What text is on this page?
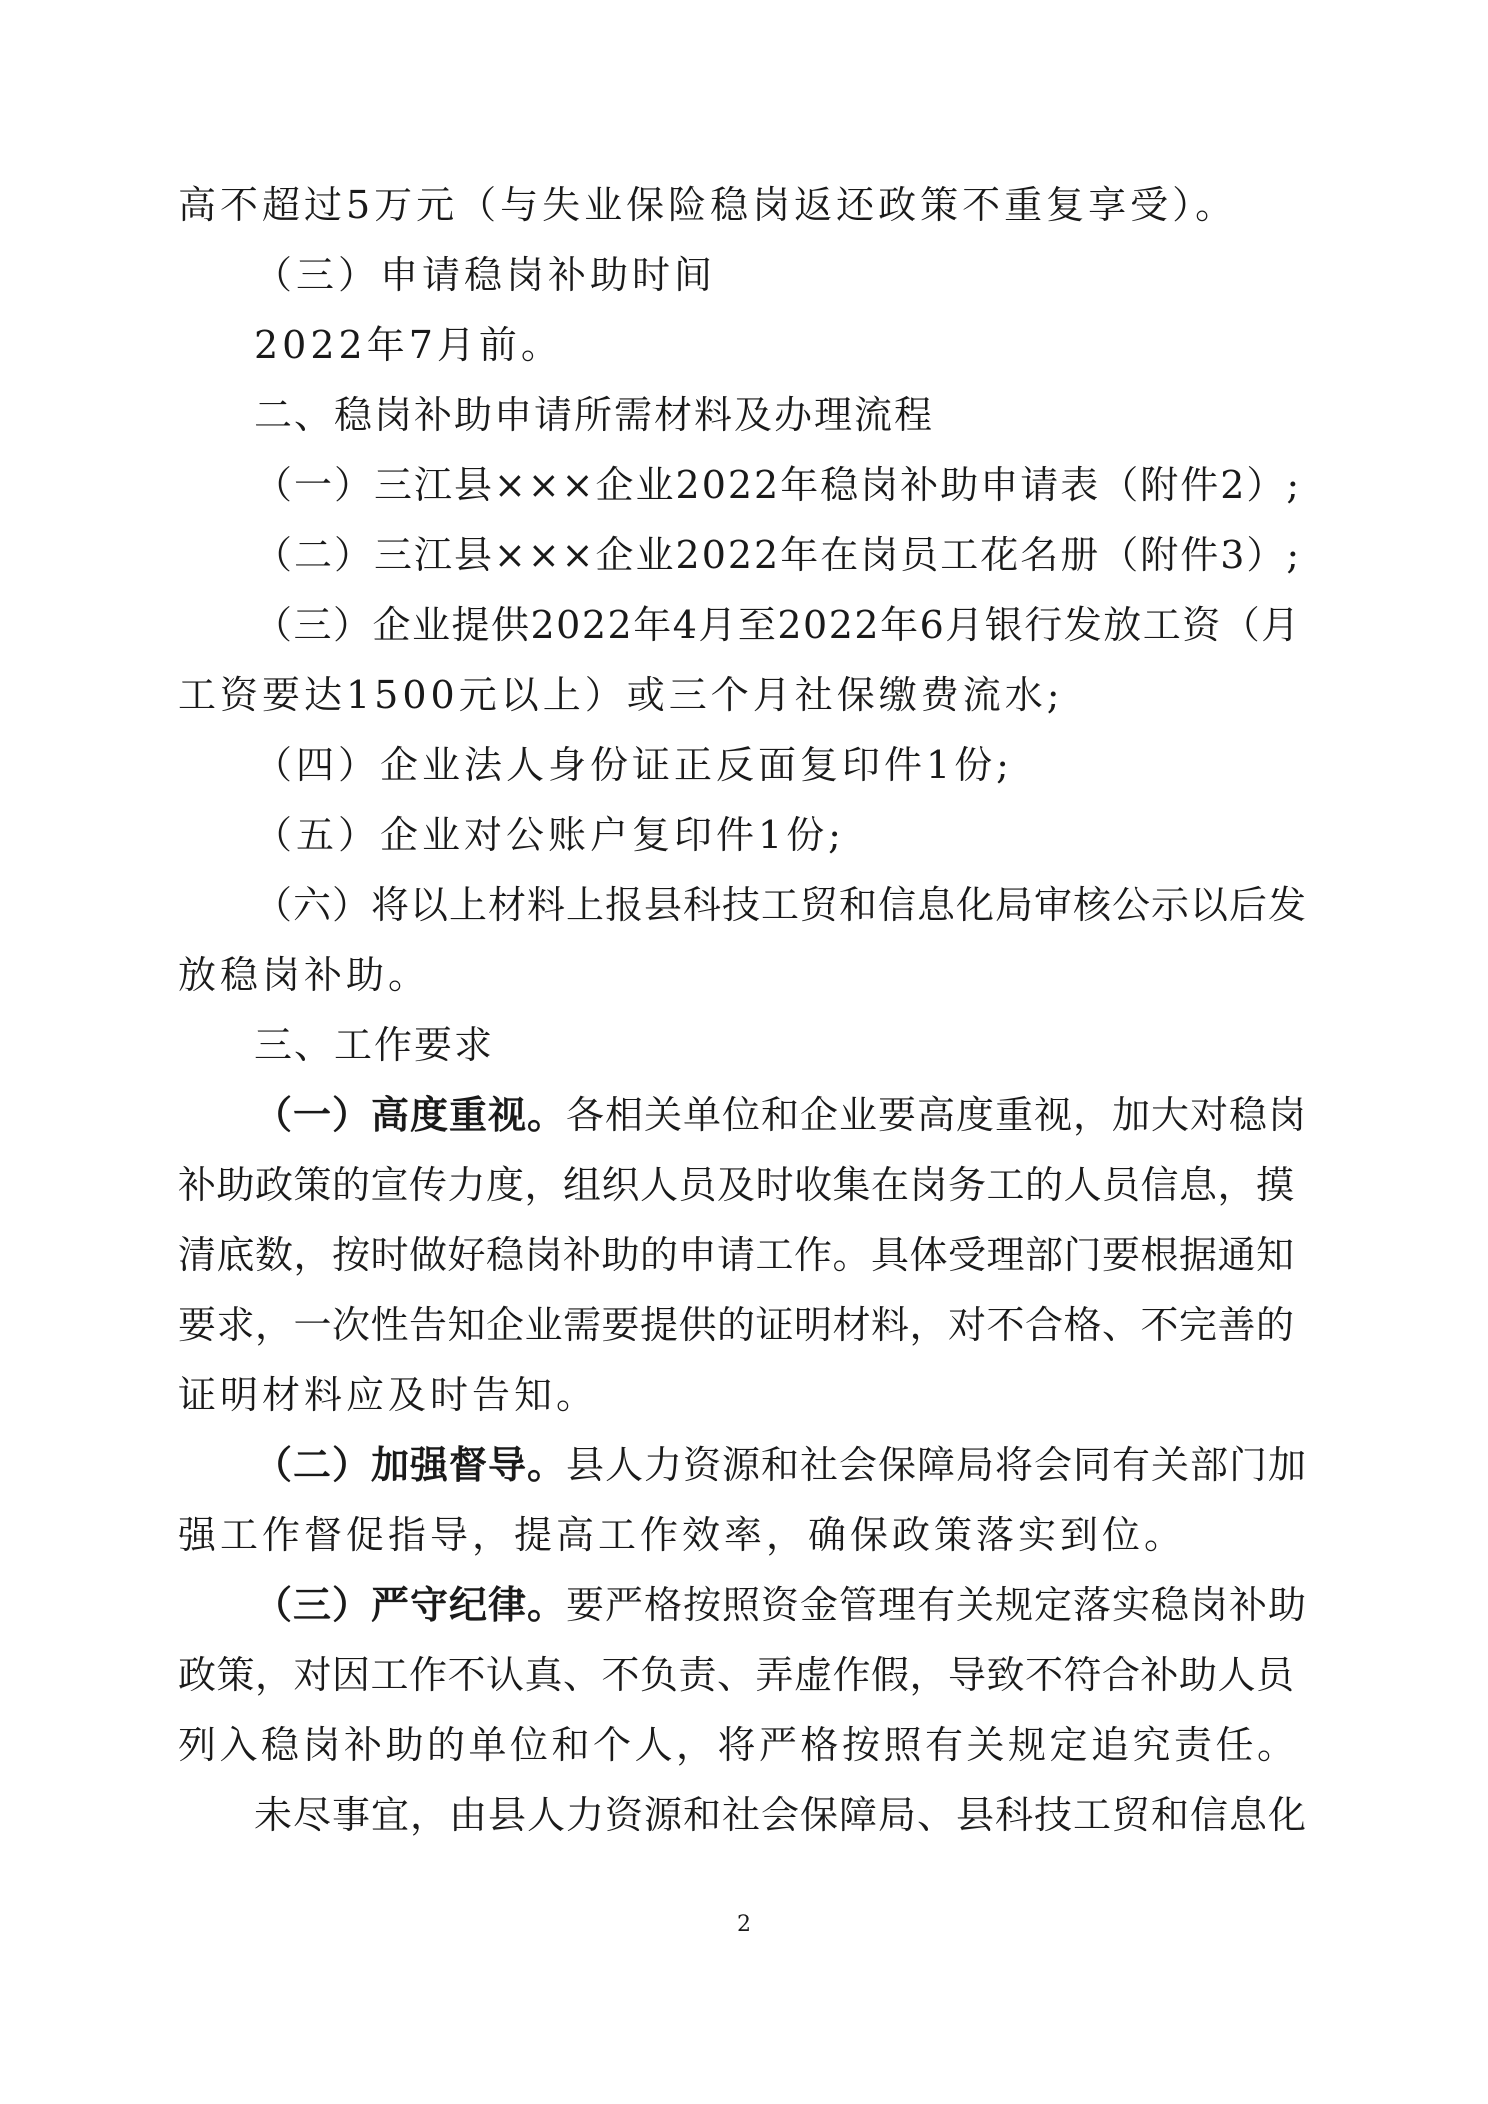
高不超过5万元（与失业保险稳岗返还政策不重复享受）。
（三）申请稳岗补助时间
2022年7月前。
二、稳岗补助申请所需材料及办理流程
（一）三江县×××企业2022年稳岗补助申请表（附件2）;
（二）三江县×××企业2022年在岗员工花名册（附件3）;
（三）企业提供2022年4月至2022年6月银行发放工资（月
工资要达1500元以上）或三个月社保缴费流水;
（四）企业法人身份证正反面复印件1份;
（五）企业对公账户复印件1份;
（六）将以上材料上报县科技工贸和信息化局审核公示以后发
放稳岗补助。
三、工作要求
（一）高度重视。各相关单位和企业要高度重视，加大对稳岗
补助政策的宣传力度，组织人员及时收集在岗务工的人员信息，摸
清底数，按时做好稳岗补助的申请工作。具体受理部门要根据通知
要求，一次性告知企业需要提供的证明材料，对不合格、不完善的
证明材料应及时告知。
（二）加强督导。县人力资源和社会保障局将会同有关部门加
强工作督促指导，提高工作效率，确保政策落实到位。
（三）严守纪律。要严格按照资金管理有关规定落实稳岗补助
政策，对因工作不认真、不负责、弄虚作假，导致不符合补助人员
列入稳岗补助的单位和个人，将严格按照有关规定追究责任。
未尽事宜，由县人力资源和社会保障局、县科技工贸和信息化
2
